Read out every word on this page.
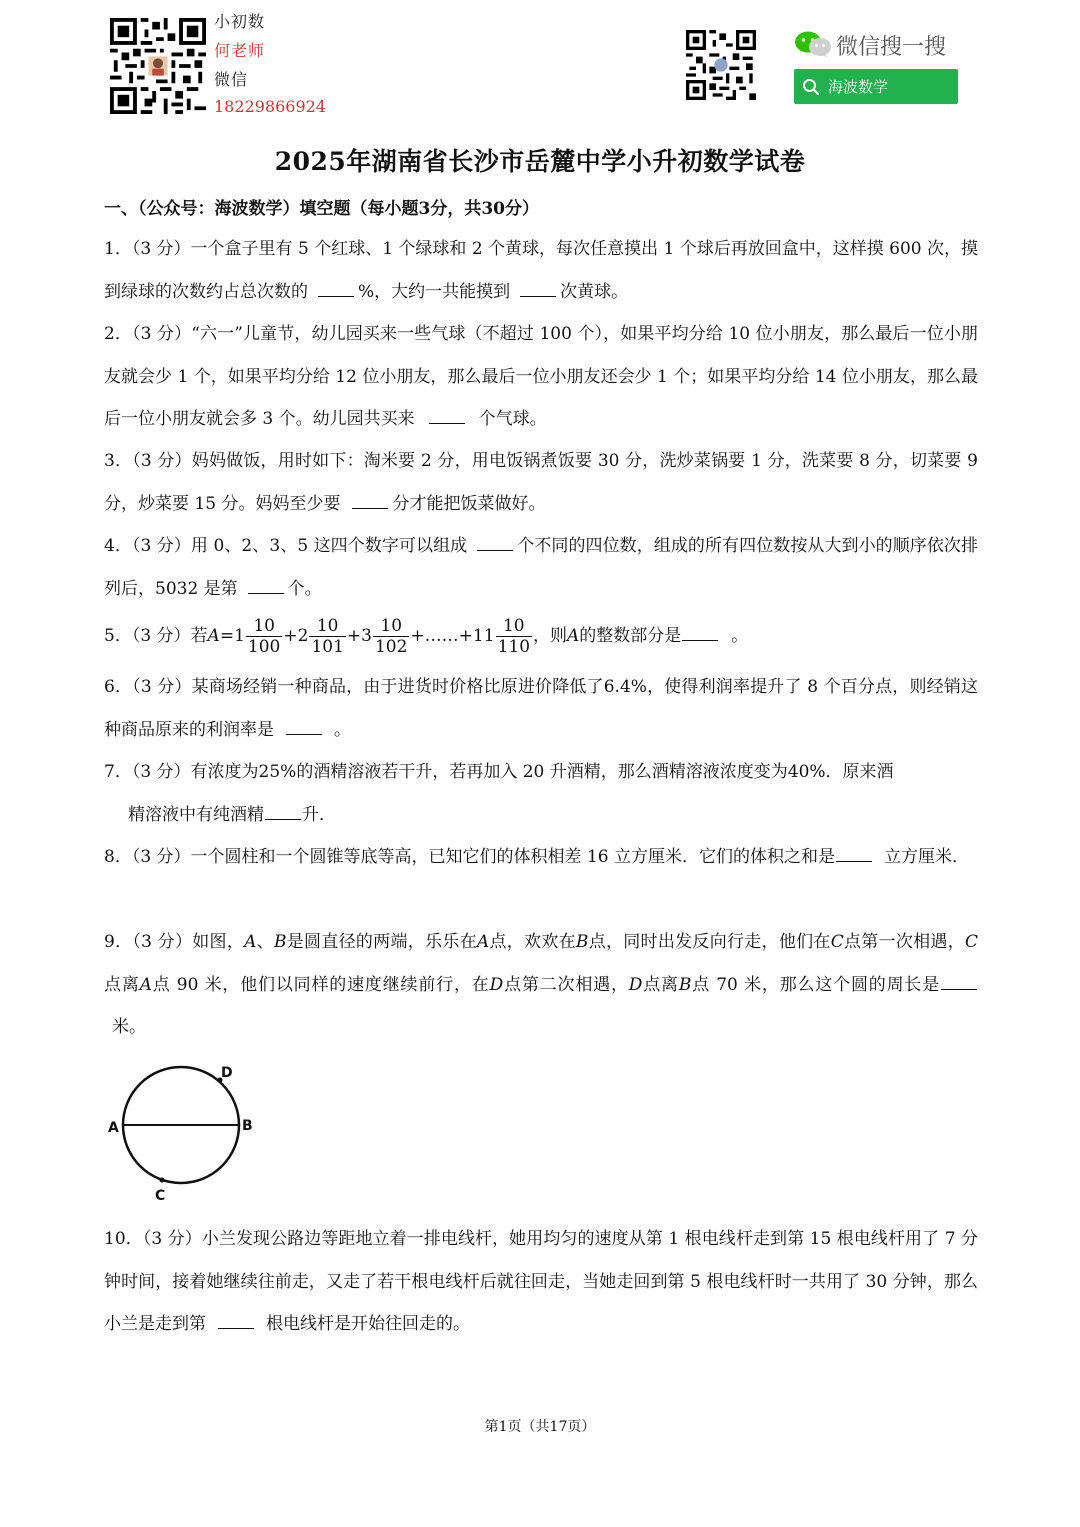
小初数
何老师
微信
18229866924
微信搜一搜
海波数学
2025年湖南省长沙市岳麓中学小升初数学试卷
一、（公众号：海波数学）填空题（每小题3分，共30分）
1．（3 分）一个盒子里有 5 个红球、1 个绿球和 2 个黄球，每次任意摸出 1 个球后再放回盒中，这样摸 600 次，摸到绿球的次数约占总次数的	%，大约一共能摸到	次黄球。
2．（3 分）“六一”儿童节，幼儿园买来一些气球（不超过 100 个），如果平均分给 10 位小朋友，那么最后一位小朋友就会少 1 个，如果平均分给 12 位小朋友，那么最后一位小朋友还会少 1 个；如果平均分给 14 位小朋友，那么最后一位小朋友就会多 3 个。幼儿园共买来	个气球。
3．（3 分）妈妈做饭，用时如下：淘米要 2 分，用电饭锅煮饭要 30 分，洗炒菜锅要 1 分，洗菜要 8 分，切菜要 9 分，炒菜要 15 分。妈妈至少要	分才能把饭菜做好。
4．（3 分）用 0、2、3、5 这四个数字可以组成	个不同的四位数，组成的所有四位数按从大到小的顺序依次排列后，5032 是第	个。
5．（3 分）若$A=1 \frac{10}{100} +2 \frac{10}{101} +3 \frac{10}{102}$ +……+11 $\frac{10}{110}$ ，则A的整数部分是	。
6．（3 分）某商场经销一种商品，由于进货时价格比原进价降低了6.4%，使得利润率提升了 8 个百分点，则经销这种商品原来的利润率是	。
7．（3 分）有浓度为25%的酒精溶液若干升，若再加入 20 升酒精，那么酒精溶液浓度变为40%．原来酒
精溶液中有纯酒精 升．
8．（3 分）一个圆柱和一个圆锥等底等高，已知它们的体积相差 16 立方厘米．它们的体积之和是	立方厘米．
9．（3 分）如图，A、B是圆直径的两端，乐乐在A点，欢欢在B点，同时出发反向行走，他们在C点第一次相遇，C点离A点 90 米，他们以同样的速度继续前行，在D点第二次相遇，D点离B点 70 米，那么这个圆的周长是米。
A	B
C
D
10．（3 分）小兰发现公路边等距地立着一排电线杆，她用均匀的速度从第 1 根电线杆走到第 15 根电线杆用了 7 分钟时间，接着她继续往前走，又走了若干根电线杆后就往回走，当她走回到第 5 根电线杆时一共用了 30 分钟，那么小兰是走到第	根电线杆是开始往回走的。
第1页（共17页）
